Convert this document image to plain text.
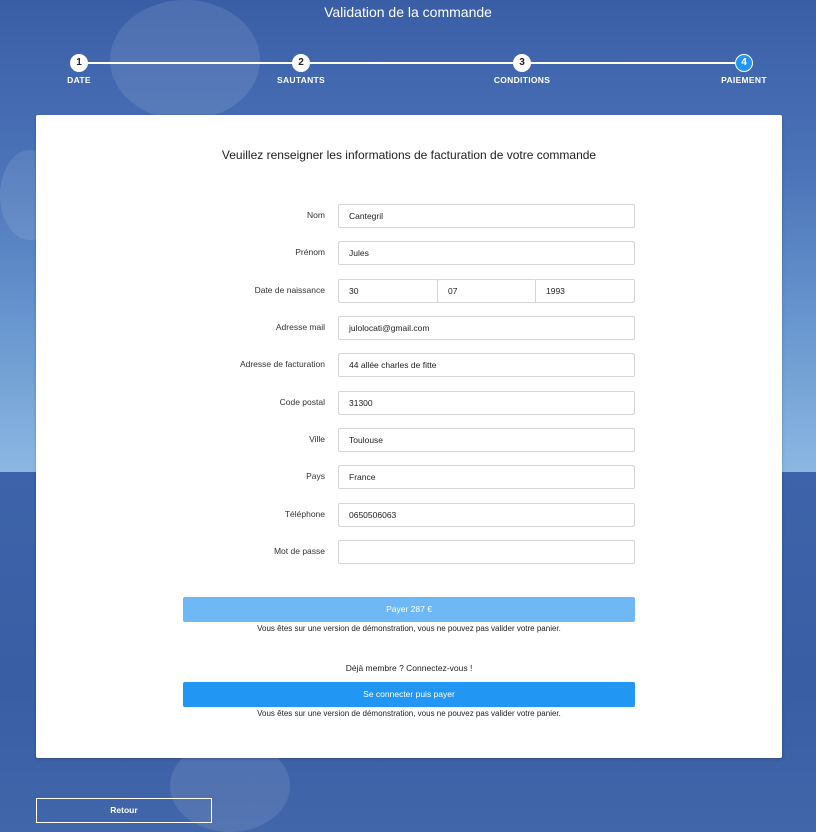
Validation de la commande
1
DATE
2
SAUTANTS
3
CONDITIONS
4
PAIEMENT
Veuillez renseigner les informations de facturation de votre commande
Nom	Cantegril
Prénom	Jules
Date de naissance	30	07	1993
Adresse mail	julolocati@gmail.com
Adresse de facturation	44 allée charles de fitte
Code postal	31300
Ville	Toulouse
Pays	France
Téléphone	0650506063
Mot de passe
Payer 287 €
Vous êtes sur une version de démonstration, vous ne pouvez pas valider votre panier.
Déjà membre ? Connectez-vous !
Se connecter puis payer
Vous êtes sur une version de démonstration, vous ne pouvez pas valider votre panier.
Retour
